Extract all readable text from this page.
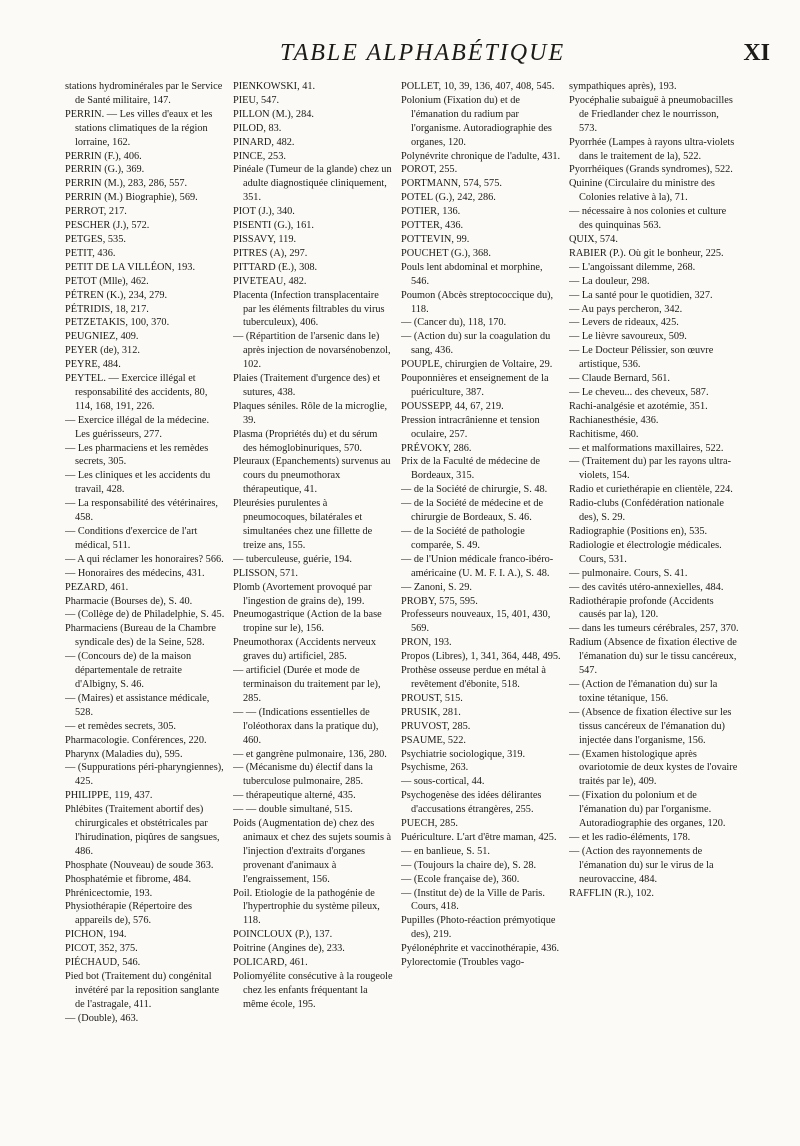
TABLE ALPHABÉTIQUE	XI

stations hydrominérales par le Service de Santé militaire, 147.

PERRIN. — Les villes d'eaux et les stations climatiques de la région lorraine, 162.

PERRIN (F.), 406.

PERRIN (G.), 369.

PERRIN (M.), 283, 286, 557.

PERRIN (M.) Biographie), 569.

PERROT, 217.

PESCHER (J.), 572.

PETGES, 535.

PETIT, 436.

PETIT DE LA VILLÉON, 193.

PETOT (Mlle), 462.

PÉTREN (K.), 234, 279.

PÉTRIDIS, 18, 217.

PETZETAKIS, 100, 370.

PEUGNIEZ, 409.

PEYER (de), 312.

PEYRE, 484.

PEYTEL. — Exercice illégal et responsabilité des accidents, 80, 114, 168, 191, 226.

— Exercice illégal de la médecine. Les guérisseurs, 277.

— Les pharmaciens et les remèdes secrets, 305.

— Les cliniques et les accidents du travail, 428.

— La responsabilité des vétérinaires, 458.

— Conditions d'exercice de l'art médical, 511.

— A qui réclamer les honoraires? 566.

— Honoraires des médecins, 431.

PEZARD, 461.

Pharmacie (Bourses de), S. 40.

— (Collège de) de Philadelphie, S. 45.

Pharmaciens (Bureau de la Chambre syndicale des) de la Seine, 528.

— (Concours de) de la maison départementale de retraite d'Albigny, S. 46.

— (Maires) et assistance médicale, 528.

— et remèdes secrets, 305.

Pharmacologie. Conférences, 220.

Pharynx (Maladies du), 595.

— (Suppurations péri-pharyngiennes), 425.

PHILIPPE, 119, 437.

Phlébites (Traitement abortif des) chirurgicales et obstétricales par l'hirudination, piqûres de sangsues, 486.

Phosphate (Nouveau) de soude 363.

Phosphatémie et fibrome, 484.

Phrénicectomie, 193.

Physiothérapie (Répertoire des appareils de), 576.

PICHON, 194.

PICOT, 352, 375.

PIÉCHAUD, 546.

Pied bot (Traitement du) congénital invétéré par la reposition sanglante de l'astragale, 411.

— (Double), 463.

PIENKOWSKI, 41.

PIEU, 547.

PILLON (M.), 284.

PILOD, 83.

PINARD, 482.

PINCE, 253.

Pinéale (Tumeur de la glande) chez un adulte diagnostiquée cliniquement, 351.

PIOT (J.), 340.

PISENTI (G.), 161.

PISSAVY, 119.

PITRES (A), 297.

PITTARD (E.), 308.

PIVETEAU, 482.

Placenta (Infection transplacentaire par les éléments filtrables du virus tuberculeux), 406.

— (Répartition de l'arsenic dans le) après injection de novarsénobenzol, 102.

Plaies (Traitement d'urgence des) et sutures, 438.

Plaques séniles. Rôle de la microglie, 39.

Plasma (Propriétés du) et du sérum des hémoglobinuriques, 570.

Pleuraux (Epanchements) survenus au cours du pneumothorax thérapeutique, 41.

Pleurésies purulentes à pneumocoques, bilatérales et simultanées chez une fillette de treize ans, 155.

— tuberculeuse, guérie, 194.

PLISSON, 571.

Plomb (Avortement provoqué par l'ingestion de grains de), 199.

Pneumogastrique (Action de la base tropine sur le), 156.

Pneumothorax (Accidents nerveux graves du) artificiel, 285.

— artificiel (Durée et mode de terminaison du traitement par le), 285.

— — (Indications essentielles de l'oléothorax dans la pratique du), 460.

— et gangrène pulmonaire, 136, 280.

— (Mécanisme du) électif dans la tuberculose pulmonaire, 285.

— thérapeutique alterné, 435.

— — double simultané, 515.

Poids (Augmentation de) chez des animaux et chez des sujets soumis à l'injection d'extraits d'organes provenant d'animaux à l'engraissement, 156.

Poil. Etiologie de la pathogénie de l'hypertrophie du système pileux, 118.

POINCLOUX (P.), 137.

Poitrine (Angines de), 233.

POLICARD, 461.

Poliomyélite consécutive à la rougeole chez les enfants fréquentant la même école, 195.

POLLET, 10, 39, 136, 407, 408, 545.

Polonium (Fixation du) et de l'émanation du radium par l'organisme. Autoradiographie des organes, 120.

Polynévrite chronique de l'adulte, 431.

POROT, 255.

PORTMANN, 574, 575.

POTEL (G.), 242, 286.

POTIER, 136.

POTTER, 436.

POTTEVIN, 99.

POUCHET (G.), 368.

Pouls lent abdominal et morphine, 546.

Poumon (Abcès streptococcique du), 118.

— (Cancer du), 118, 170.

— (Action du) sur la coagulation du sang, 436.

POUPLE, chirurgien de Voltaire, 29.

Pouponnières et enseignement de la puériculture, 387.

POUSSEPP, 44, 67, 219.

Pression intracrânienne et tension oculaire, 257.

PRÉVOKY, 286.

Prix de la Faculté de médecine de Bordeaux, 315.

— de la Société de chirurgie, S. 48.

— de la Société de médecine et de chirurgie de Bordeaux, S. 46.

— de la Société de pathologie comparée, S. 49.

— de l'Union médicale franco-ibéro-américaine (U. M. F. I. A.), S. 48.

— Zanoni, S. 29.

PROBY, 575, 595.

Professeurs nouveaux, 15, 401, 430, 569.

PRON, 193.

Propos (Libres), 1, 341, 364, 448, 495.

Prothèse osseuse perdue en métal à revêtement d'ébonite, 518.

PROUST, 515.

PRUSIK, 281.

PRUVOST, 285.

PSAUME, 522.

Psychiatrie sociologique, 319.

Psychisme, 263.

— sous-cortical, 44.

Psychogenèse des idées délirantes d'accusations étrangères, 255.

PUECH, 285.

Puériculture. L'art d'être maman, 425.

— en banlieue, S. 51.

— (Toujours la chaire de), S. 28.

— (Ecole française de), 360.

— (Institut de) de la Ville de Paris. Cours, 418.

Pupilles (Photo-réaction prémyotique des), 219.

Pyélonéphrite et vaccinothérapie, 436.

Pylorectomie (Troubles vago-

sympathiques après), 193.

Pyocéphalie subaiguë à pneumobacilles de Friedlander chez le nourrisson, 573.

Pyorrhée (Lampes à rayons ultra-violets dans le traitement de la), 522.

Pyorrhéiques (Grands syndromes), 522.

Quinine (Circulaire du ministre des Colonies relative à la), 71.

— nécessaire à nos colonies et culture des quinquinas 563.

QUIX, 574.

RABIER (P.). Où git le bonheur, 225.

— L'angoissant dilemme, 268.

— La douleur, 298.

— La santé pour le quotidien, 327.

— Au pays percheron, 342.

— Levers de rideaux, 425.

— Le lièvre savoureux, 509.

— Le Docteur Pélissier, son œuvre artistique, 536.

— Claude Bernard, 561.

— Le cheveu... des cheveux, 587.

Rachi-analgésie et azotémie, 351.

Rachianesthésie, 436.

Rachitisme, 460.

— et malformations maxillaires, 522.

— (Traitement du) par les rayons ultra-violets, 154.

Radio et curiethérapie en clientèle, 224.

Radio-clubs (Confédération nationale des), S. 29.

Radiographie (Positions en), 535.

Radiologie et électrologie médicales. Cours, 531.

— pulmonaire. Cours, S. 41.

— des cavités utéro-annexielles, 484.

Radiothérapie profonde (Accidents causés par la), 120.

— dans les tumeurs cérébrales, 257, 370.

Radium (Absence de fixation élective de l'émanation du) sur le tissu cancéreux, 547.

— (Action de l'émanation du) sur la toxine tétanique, 156.

— (Absence de fixation élective sur les tissus cancéreux de l'émanation du) injectée dans l'organisme, 156.

— (Examen histologique après ovariotomie de deux kystes de l'ovaire traités par le), 409.

— (Fixation du polonium et de l'émanation du) par l'organisme. Autoradiographie des organes, 120.

— et les radio-éléments, 178.

— (Action des rayonnements de l'émanation du) sur le virus de la neurovaccine, 484.

RAFFLIN (R.), 102.
